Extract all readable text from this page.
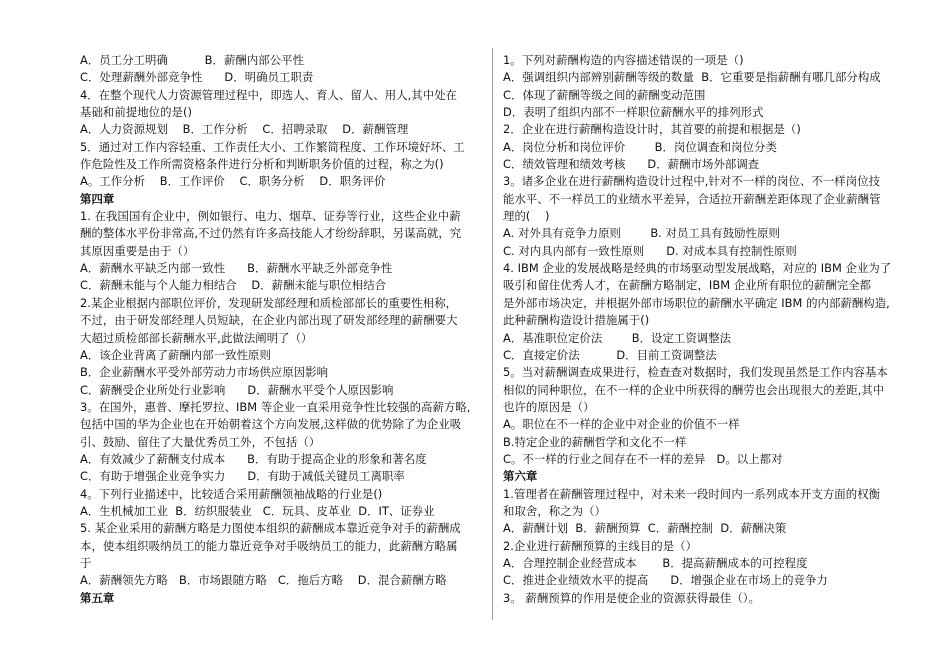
A．员工分工明确          B．薪酬内部公平性
C．处理薪酬外部竞争性      D．明确员工职责
4．在整个现代人力资源管理过程中，即选人、育人、留人、用人,其中处在
基础和前提地位的是()
A．人力资源规划    B．工作分析    C．招聘录取    D．薪酬管理
5．通过对工作内容轻重、工作责任大小、工作繁简程度、工作环境好坏、工
作危险性及工作所需资格条件进行分析和判断职务价值的过程，称之为()
A。工作分析    B．工作评价    C．职务分析    D．职务评价
第四章
1. 在我国国有企业中，例如银行、电力、烟草、证券等行业，这些企业中薪
酬的整体水平份非常高,不过仍然有许多高技能人才纷纷辞职，另谋高就，究
其原因重要是由于（）
A．薪酬水平缺乏内部一致性      B．薪酬水平缺乏外部竞争性
C．薪酬未能与个人能力相结合    D．薪酬未能与职位相结合
2.某企业根据内部职位评价，发现研发部经理和质检部部长的重要性相称，
不过，由于研发部经理人员短缺，在企业内部出现了研发部经理的薪酬要大
大超过质检部部长薪酬水平,此做法阐明了（）
A．该企业背离了薪酬内部一致性原则
B．企业薪酬水平受外部劳动力市场供应原因影响
C．薪酬受企业所处行业影响      D．薪酬水平受个人原因影响
3。在国外，惠普、摩托罗拉、IBM 等企业一直采用竞争性比较强的高薪方略,
包括中国的华为企业也在开始朝着这个方向发展,这样做的优势除了为企业吸
引、鼓励、留住了大量优秀员工外，不包括（）
A．有效减少了薪酬支付成本      B．有助于提高企业的形象和著名度
C．有助于增强企业竞争实力      D．有助于减低关键员工离职率
4。下列行业描述中，比较适合采用薪酬领袖战略的行业是()
A．生机械加工业  B．纺织服装业   C．玩具、皮革业  D．IT、证券业
5. 某企业采用的薪酬方略是力图使本组织的薪酬成本靠近竞争对手的薪酬成
本，使本组织吸纳员工的能力靠近竞争对手吸纳员工的能力，此薪酬方略属
于
A．薪酬领先方略   B．市场跟随方略   C．拖后方略    D．混合薪酬方略
第五章
1。下列对薪酬构造的内容描述错误的一项是（)
A．强调组织内部辨别薪酬等级的数量  B．它重要是指薪酬有哪几部分构成
C．体现了薪酬等级之间的薪酬变动范围
D．表明了组织内部不一样职位薪酬水平的排列形式
2．企业在进行薪酬构造设计时，其首要的前提和根据是（)
A．岗位分析和岗位评价        B．岗位调查和岗位分类
C．绩效管理和绩效考核      D．薪酬市场外部调查
3。诸多企业在进行薪酬构造设计过程中,针对不一样的岗位、不一样岗位技
能水平、不一样员工的业绩水平差异，合适拉开薪酬差距体现了企业薪酬管
理的(    )
A. 对外具有竞争力原则        B. 对员工具有鼓励性原则
C. 对内具内部有一致性原则      D. 对成本具有控制性原则
4. IBM 企业的发展战略是经典的市场驱动型发展战略，对应的 IBM 企业为了
吸引和留住优秀人才，在薪酬方略制定，IBM 企业所有职位的薪酬完全都
是外部市场决定，并根据外部市场职位的薪酬水平确定 IBM 的内部薪酬构造,
此种薪酬构造设计措施属于()
A．基准职位定价法        B．设定工资调整法
C．直接定价法          D．目前工资调整法
5。当对薪酬调查成果进行，检查查对数据时，我们发现虽然是工作内容基本
相似的同种职位，在不一样的企业中所获得的酬劳也会出现很大的差距,其中
也许的原因是（）
A。职位在不一样的企业中对企业的价值不一样
B.特定企业的薪酬哲学和文化不一样
C。不一样的行业之间存在不一样的差异   D。以上都对
第六章
1.管理者在薪酬管理过程中，对未来一段时间内一系列成本开支方面的权衡
和取舍，称之为（）
A．薪酬计划  B．薪酬预算  C．薪酬控制  D．薪酬决策
2.企业进行薪酬预算的主线目的是（）
A．合理控制企业经营成本       B．提高薪酬成本的可控程度
C．推进企业绩效水平的提高      D．增强企业在市场上的竞争力
3。 薪酬预算的作用是使企业的资源获得最佳（）。
